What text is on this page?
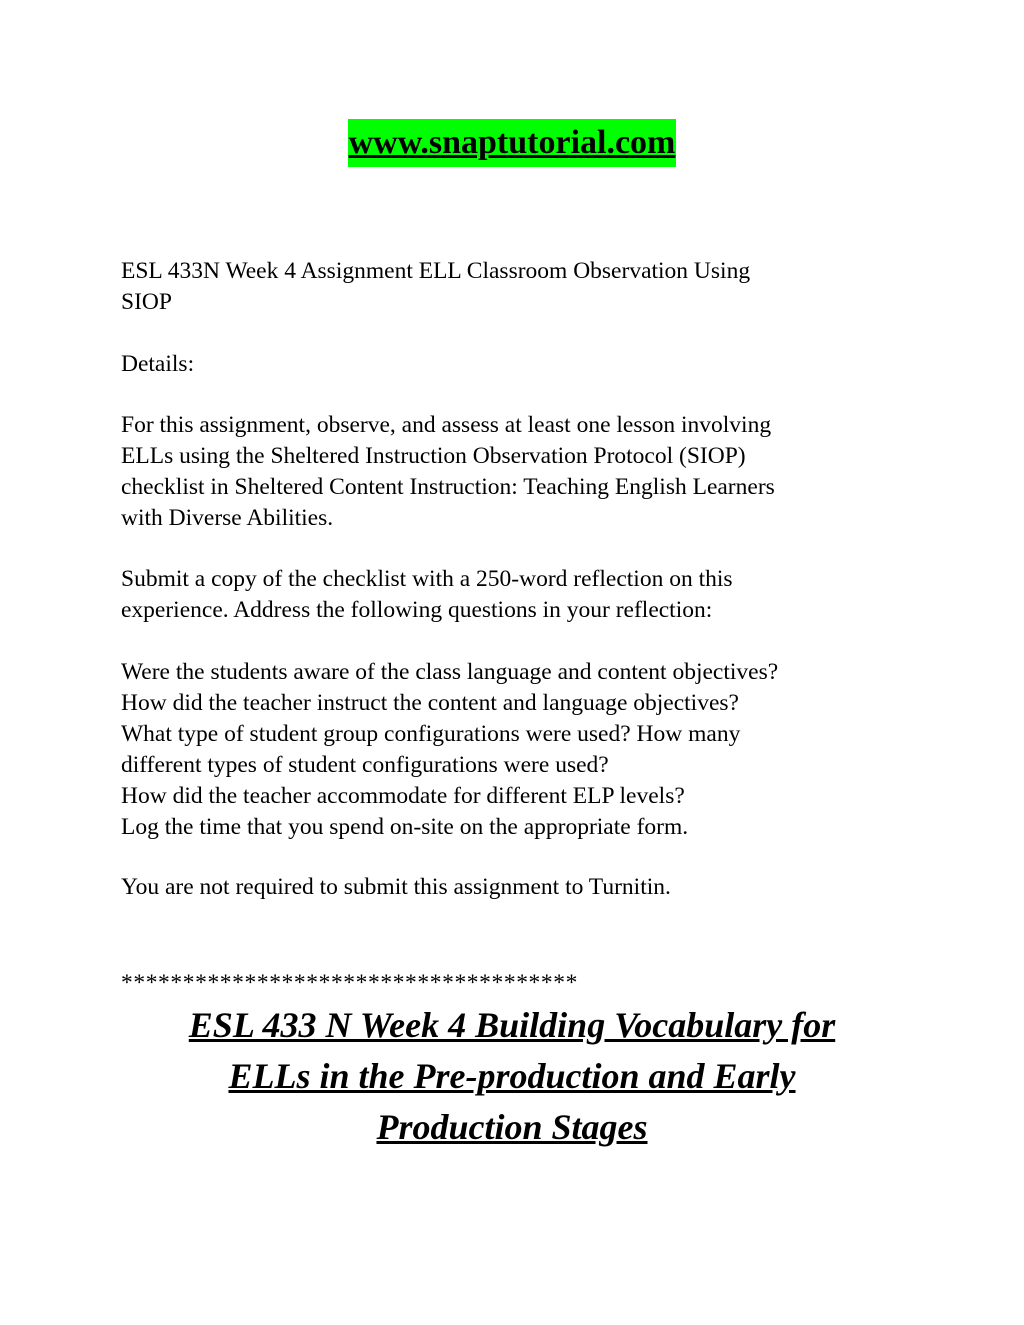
www.snaptutorial.com
ESL 433N Week 4 Assignment ELL Classroom Observation Using
SIOP
Details:
For this assignment, observe, and assess at least one lesson involving
ELLs using the Sheltered Instruction Observation Protocol (SIOP)
checklist in Sheltered Content Instruction: Teaching English Learners
with Diverse Abilities.
Submit a copy of the checklist with a 250-word reflection on this
experience. Address the following questions in your reflection:
Were the students aware of the class language and content objectives?
How did the teacher instruct the content and language objectives?
What type of student group configurations were used? How many
different types of student configurations were used?
How did the teacher accommodate for different ELP levels?
Log the time that you spend on-site on the appropriate form.
You are not required to submit this assignment to Turnitin.
*************************************
ESL 433 N Week 4 Building Vocabulary for
ELLs in the Pre-production and Early
Production Stages
